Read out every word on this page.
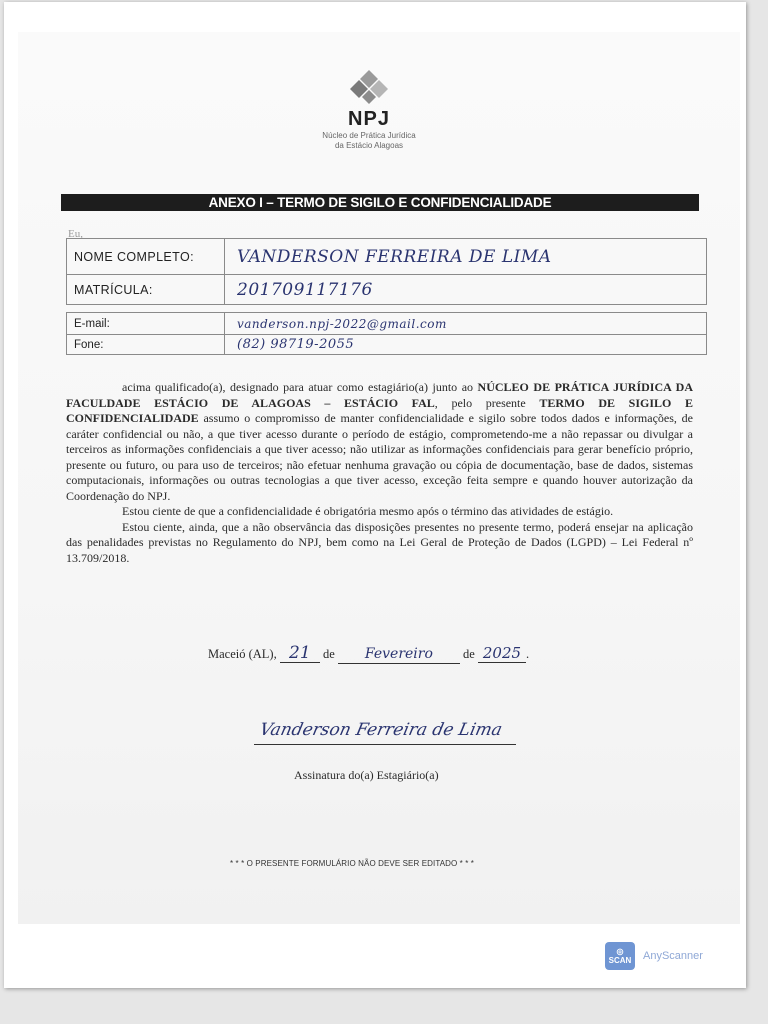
NPJ
Núcleo de Prática Jurídica
da Estácio Alagoas
ANEXO I – TERMO DE SIGILO E CONFIDENCIALIDADE
Eu,
NOME COMPLETO:	VANDERSON FERREIRA DE LIMA
MATRÍCULA:	201709117176
E-mail:	vanderson.npj-2022@gmail.com
Fone:	(82) 98719-2055

acima qualificado(a), designado para atuar como estagiário(a) junto ao NÚCLEO DE PRÁTICA JURÍDICA DA FACULDADE ESTÁCIO DE ALAGOAS – ESTÁCIO FAL, pelo presente TERMO DE SIGILO E CONFIDENCIALIDADE assumo o compromisso de manter confidencialidade e sigilo sobre todos dados e informações, de caráter confidencial ou não, a que tiver acesso durante o período de estágio, comprometendo-me a não repassar ou divulgar a terceiros as informações confidenciais a que tiver acesso; não utilizar as informações confidenciais para gerar benefício próprio, presente ou futuro, ou para uso de terceiros; não efetuar nenhuma gravação ou cópia de documentação, base de dados, sistemas computacionais, informações ou outras tecnologias a que tiver acesso, exceção feita sempre e quando houver autorização da Coordenação do NPJ.

Estou ciente de que a confidencialidade é obrigatória mesmo após o término das atividades de estágio.

Estou ciente, ainda, que a não observância das disposições presentes no presente termo, poderá ensejar na aplicação das penalidades previstas no Regulamento do NPJ, bem como na Lei Geral de Proteção de Dados (LGPD) – Lei Federal nº 13.709/2018.

Maceió (AL), 21 de Fevereiro de 2025 .
Vanderson Ferreira de Lima
Assinatura do(a) Estagiário(a)
* * * O PRESENTE FORMULÁRIO NÃO DEVE SER EDITADO * * *
◎
SCAN AnyScanner
